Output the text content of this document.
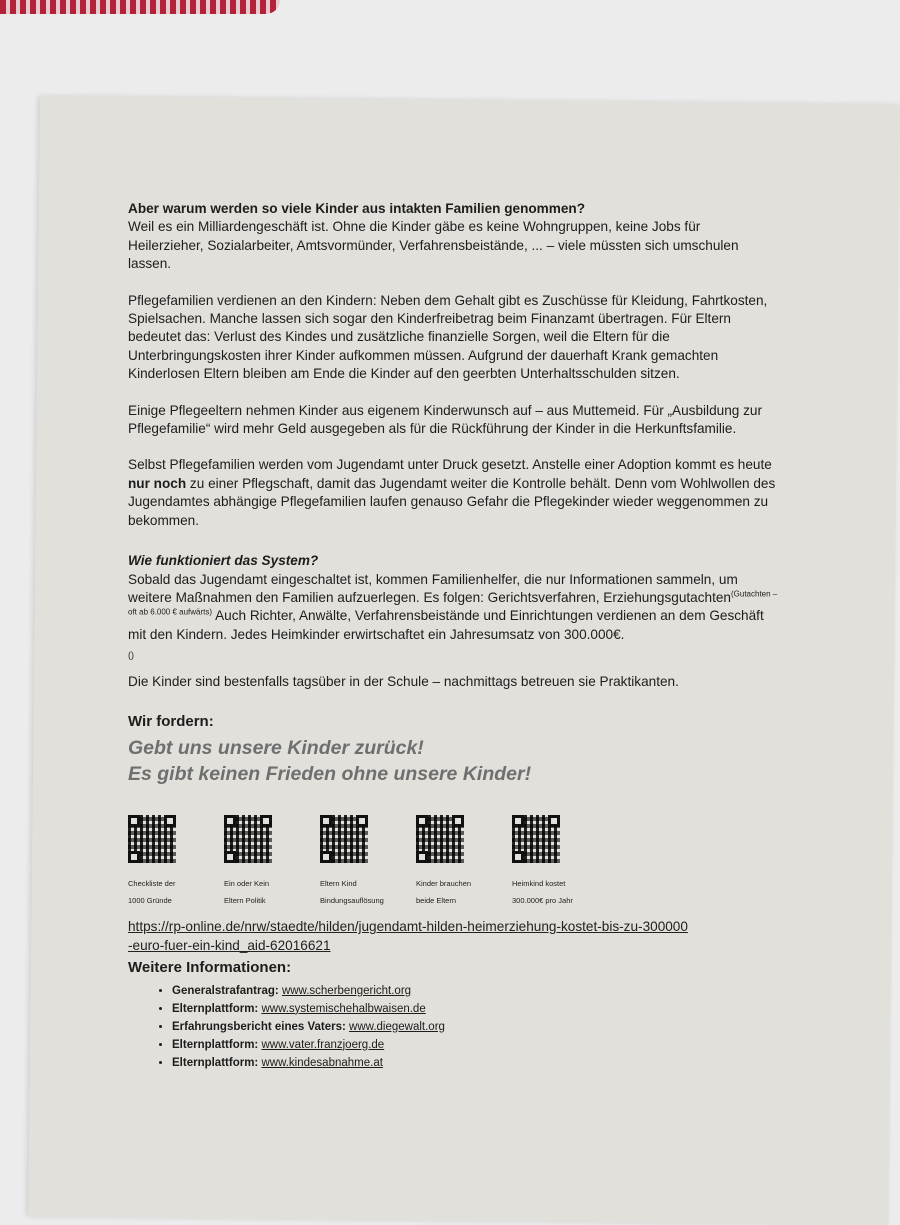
Aber warum werden so viele Kinder aus intakten Familien genommen?
Weil es ein Milliardengeschäft ist. Ohne die Kinder gäbe es keine Wohngruppen, keine Jobs für Heilerzieher, Sozialarbeiter, Amtsvormünder, Verfahrensbeistände, ... – viele müssten sich umschulen lassen.

Pflegefamilien verdienen an den Kindern: Neben dem Gehalt gibt es Zuschüsse für Kleidung, Fahrtkosten, Spielsachen. Manche lassen sich sogar den Kinderfreibetrag beim Finanzamt übertragen. Für Eltern bedeutet das: Verlust des Kindes und zusätzliche finanzielle Sorgen, weil die Eltern für die Unterbringungskosten ihrer Kinder aufkommen müssen. Aufgrund der dauerhaft Krank gemachten Kinderlosen Eltern bleiben am Ende die Kinder auf den geerbten Unterhaltsschulden sitzen.

Einige Pflegeeltern nehmen Kinder aus eigenem Kinderwunsch auf – aus Muttemeid. Für „Ausbildung zur Pflegefamilie“ wird mehr Geld ausgegeben als für die Rückführung der Kinder in die Herkunftsfamilie.

Selbst Pflegefamilien werden vom Jugendamt unter Druck gesetzt. Anstelle einer Adoption kommt es heute nur noch zu einer Pflegschaft, damit das Jugendamt weiter die Kontrolle behält. Denn vom Wohlwollen des Jugendamtes abhängige Pflegefamilien laufen genauso Gefahr die Pflegekinder wieder weggenommen zu bekommen.

Wie funktioniert das System?
Sobald das Jugendamt eingeschaltet ist, kommen Familienhelfer, die nur Informationen sammeln, um weitere Maßnahmen den Familien aufzuerlegen. Es folgen: Gerichtsverfahren, Erziehungsgutachten$^{(Gutachten - oft ab 6.000 € aufwärts)}$ Auch Richter, Anwälte, Verfahrensbeistände und Einrichtungen verdienen an dem Geschäft mit den Kindern. Jedes Heimkinder erwirtschaftet ein Jahresumsatz von 300.000€.
()
Die Kinder sind bestenfalls tagsüber in der Schule – nachmittags betreuen sie Praktikanten.
Wir fordern:
Gebt uns unsere Kinder zurück!
Es gibt keinen Frieden ohne unsere Kinder!
Checkliste der
1000 Gründe
Ein oder Kein
Eltern Politik
Eltern Kind
Bindungsauflösung
Kinder brauchen
beide Eltern
Heimkind kostet
300.000€ pro Jahr
https://rp-online.de/nrw/staedte/hilden/jugendamt-hilden-heimerziehung-kostet-bis-zu-300000-euro-fuer-ein-kind_aid-62016621
Weitere Informationen:
• Generalstrafantrag: www.scherbengericht.org
• Elternplattform: www.systemischehalbwaisen.de
• Erfahrungsbericht eines Vaters: www.diegewalt.org
• Elternplattform: www.vater.franzjoerg.de
• Elternplattform: www.kindesabnahme.at
